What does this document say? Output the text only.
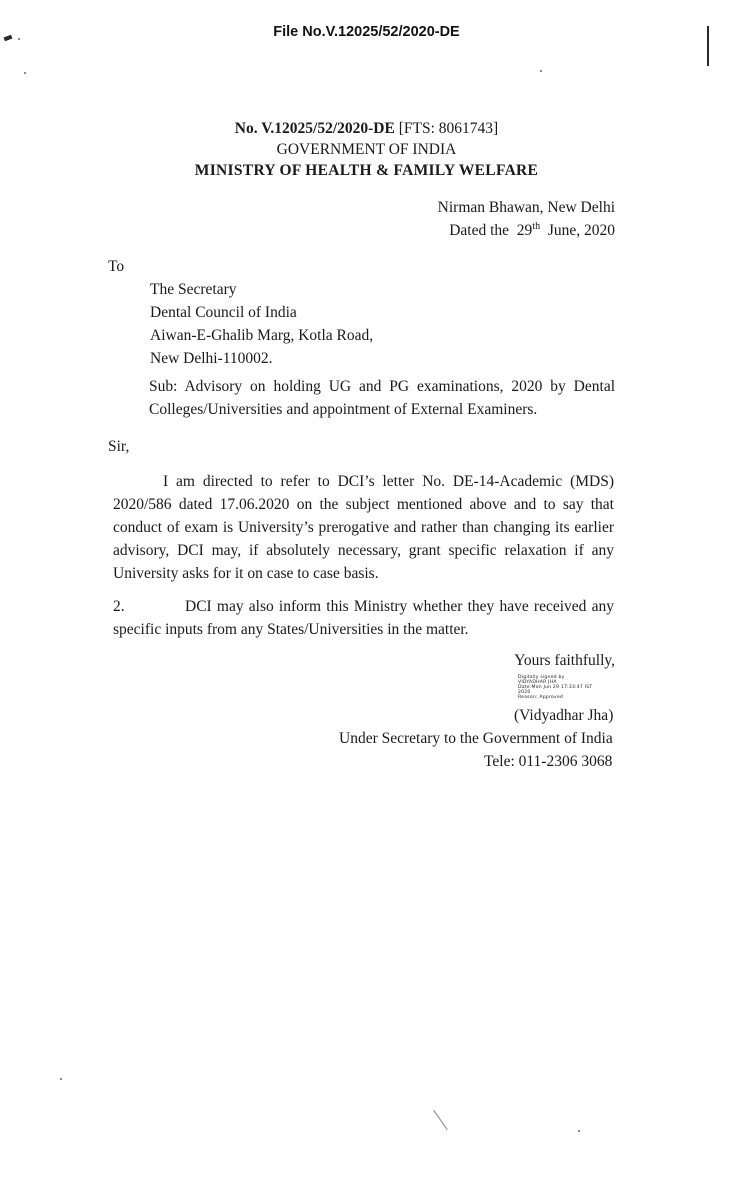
File No.V.12025/52/2020-DE
No. V.12025/52/2020-DE [FTS: 8061743]
GOVERNMENT OF INDIA
MINISTRY OF HEALTH & FAMILY WELFARE
Nirman Bhawan, New Delhi
Dated the  29th  June, 2020
To
The Secretary
Dental Council of India
Aiwan-E-Ghalib Marg, Kotla Road,
New Delhi-110002.
Sub: Advisory on holding UG and PG examinations, 2020 by Dental Colleges/Universities and appointment of External Examiners.
Sir,
I am directed to refer to DCI’s letter No. DE-14-Academic (MDS) 2020/586 dated 17.06.2020 on the subject mentioned above and to say that conduct of exam is University’s prerogative and rather than changing its earlier advisory, DCI may, if absolutely necessary, grant specific relaxation if any University asks for it on case to case basis.
2.	DCI may also inform this Ministry whether they have received any specific inputs from any States/Universities in the matter.
Yours faithfully,
Digitally signed by
VIDYADHAR JHA
Date:Mon Jun 29 17:33:47 IST
2020
Reason: Approved
(Vidyadhar Jha)
Under Secretary to the Government of India
Tele: 011-2306 3068
